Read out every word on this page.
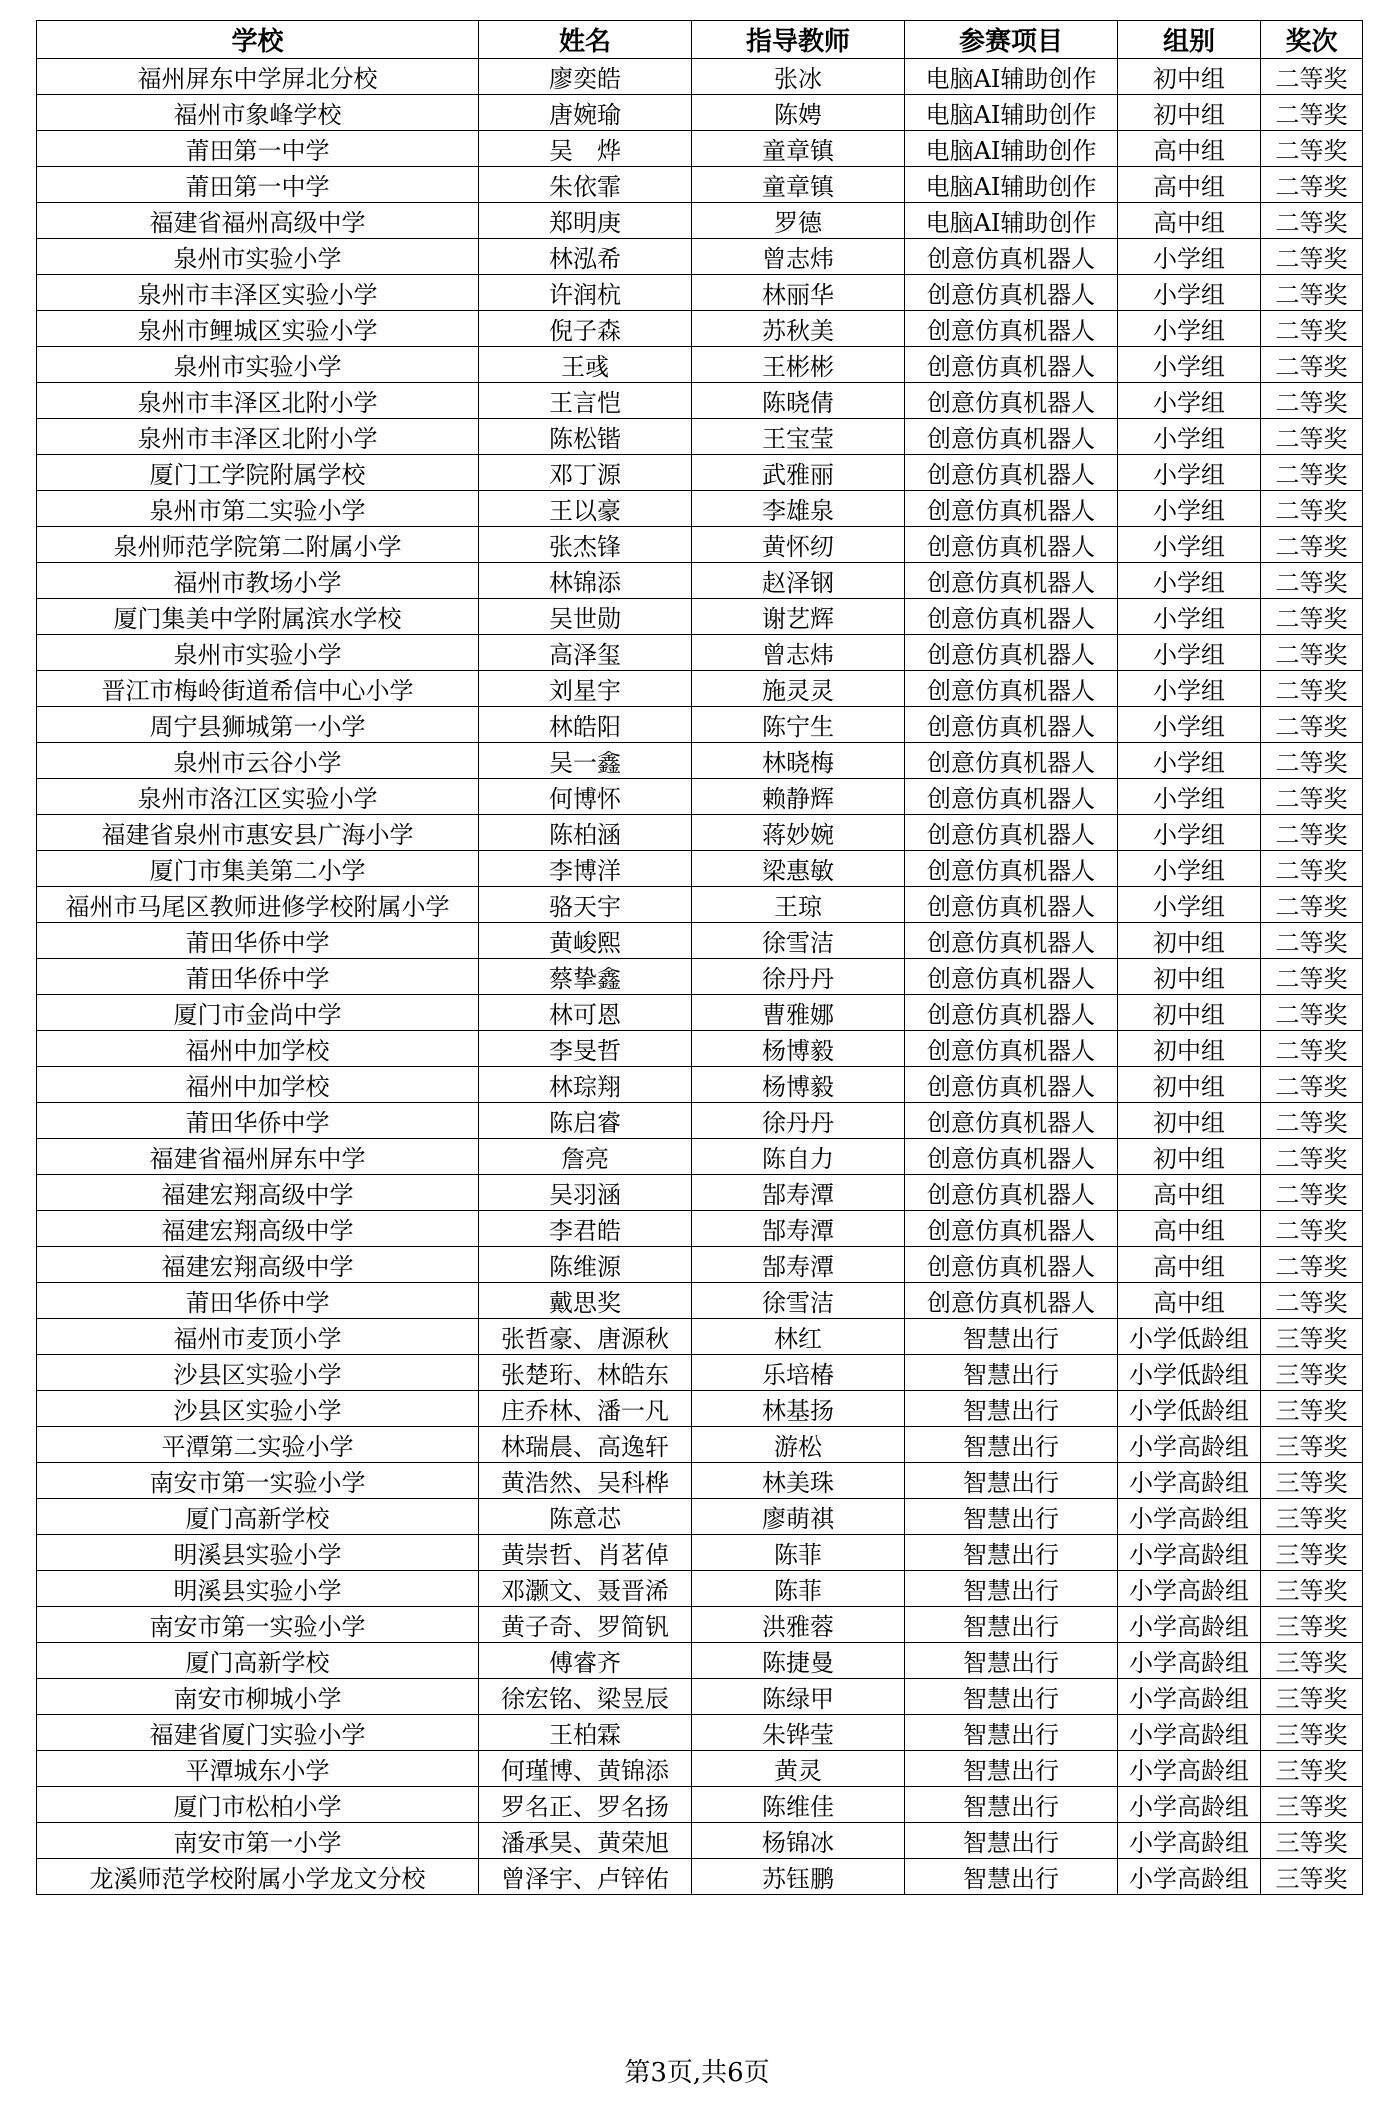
学校	姓名	指导教师	参赛项目	组别	奖次
福州屏东中学屏北分校	廖奕皓	张冰	电脑AI辅助创作	初中组	二等奖
福州市象峰学校	唐婉瑜	陈娉	电脑AI辅助创作	初中组	二等奖
莆田第一中学	吴　烨	童章镇	电脑AI辅助创作	高中组	二等奖
莆田第一中学	朱依霏	童章镇	电脑AI辅助创作	高中组	二等奖
福建省福州高级中学	郑明庚	罗德	电脑AI辅助创作	高中组	二等奖
泉州市实验小学	林泓希	曾志炜	创意仿真机器人	小学组	二等奖
泉州市丰泽区实验小学	许润杭	林丽华	创意仿真机器人	小学组	二等奖
泉州市鲤城区实验小学	倪子森	苏秋美	创意仿真机器人	小学组	二等奖
泉州市实验小学	王彧	王彬彬	创意仿真机器人	小学组	二等奖
泉州市丰泽区北附小学	王言恺	陈晓倩	创意仿真机器人	小学组	二等奖
泉州市丰泽区北附小学	陈松锴	王宝莹	创意仿真机器人	小学组	二等奖
厦门工学院附属学校	邓丁源	武雅丽	创意仿真机器人	小学组	二等奖
泉州市第二实验小学	王以豪	李雄泉	创意仿真机器人	小学组	二等奖
泉州师范学院第二附属小学	张杰锋	黄怀纫	创意仿真机器人	小学组	二等奖
福州市教场小学	林锦添	赵泽钢	创意仿真机器人	小学组	二等奖
厦门集美中学附属滨水学校	吴世勋	谢艺辉	创意仿真机器人	小学组	二等奖
泉州市实验小学	高泽玺	曾志炜	创意仿真机器人	小学组	二等奖
晋江市梅岭街道希信中心小学	刘星宇	施灵灵	创意仿真机器人	小学组	二等奖
周宁县狮城第一小学	林皓阳	陈宁生	创意仿真机器人	小学组	二等奖
泉州市云谷小学	吴一鑫	林晓梅	创意仿真机器人	小学组	二等奖
泉州市洛江区实验小学	何博怀	赖静辉	创意仿真机器人	小学组	二等奖
福建省泉州市惠安县广海小学	陈柏涵	蒋妙婉	创意仿真机器人	小学组	二等奖
厦门市集美第二小学	李博洋	梁惠敏	创意仿真机器人	小学组	二等奖
福州市马尾区教师进修学校附属小学	骆天宇	王琼	创意仿真机器人	小学组	二等奖
莆田华侨中学	黄峻熙	徐雪洁	创意仿真机器人	初中组	二等奖
莆田华侨中学	蔡挚鑫	徐丹丹	创意仿真机器人	初中组	二等奖
厦门市金尚中学	林可恩	曹雅娜	创意仿真机器人	初中组	二等奖
福州中加学校	李旻哲	杨博毅	创意仿真机器人	初中组	二等奖
福州中加学校	林琮翔	杨博毅	创意仿真机器人	初中组	二等奖
莆田华侨中学	陈启睿	徐丹丹	创意仿真机器人	初中组	二等奖
福建省福州屏东中学	詹亮	陈自力	创意仿真机器人	初中组	二等奖
福建宏翔高级中学	吴羽涵	郜寿潭	创意仿真机器人	高中组	二等奖
福建宏翔高级中学	李君皓	郜寿潭	创意仿真机器人	高中组	二等奖
福建宏翔高级中学	陈维源	郜寿潭	创意仿真机器人	高中组	二等奖
莆田华侨中学	戴思奖	徐雪洁	创意仿真机器人	高中组	二等奖
福州市麦顶小学	张哲豪、唐源秋	林红	智慧出行	小学低龄组	三等奖
沙县区实验小学	张楚珩、林皓东	乐培椿	智慧出行	小学低龄组	三等奖
沙县区实验小学	庄乔林、潘一凡	林基扬	智慧出行	小学低龄组	三等奖
平潭第二实验小学	林瑞晨、高逸轩	游松	智慧出行	小学高龄组	三等奖
南安市第一实验小学	黄浩然、吴科桦	林美珠	智慧出行	小学高龄组	三等奖
厦门高新学校	陈意芯	廖萌祺	智慧出行	小学高龄组	三等奖
明溪县实验小学	黄崇哲、肖茗倬	陈菲	智慧出行	小学高龄组	三等奖
明溪县实验小学	邓灏文、聂晋浠	陈菲	智慧出行	小学高龄组	三等奖
南安市第一实验小学	黄子奇、罗简钒	洪雅蓉	智慧出行	小学高龄组	三等奖
厦门高新学校	傅睿齐	陈捷曼	智慧出行	小学高龄组	三等奖
南安市柳城小学	徐宏铭、梁昱辰	陈绿甲	智慧出行	小学高龄组	三等奖
福建省厦门实验小学	王柏霖	朱铧莹	智慧出行	小学高龄组	三等奖
平潭城东小学	何瑾博、黄锦添	黄灵	智慧出行	小学高龄组	三等奖
厦门市松柏小学	罗名正、罗名扬	陈维佳	智慧出行	小学高龄组	三等奖
南安市第一小学	潘承昊、黄荣旭	杨锦冰	智慧出行	小学高龄组	三等奖
龙溪师范学校附属小学龙文分校	曾泽宇、卢锌佑	苏钰鹏	智慧出行	小学高龄组	三等奖
第3页,共6页
